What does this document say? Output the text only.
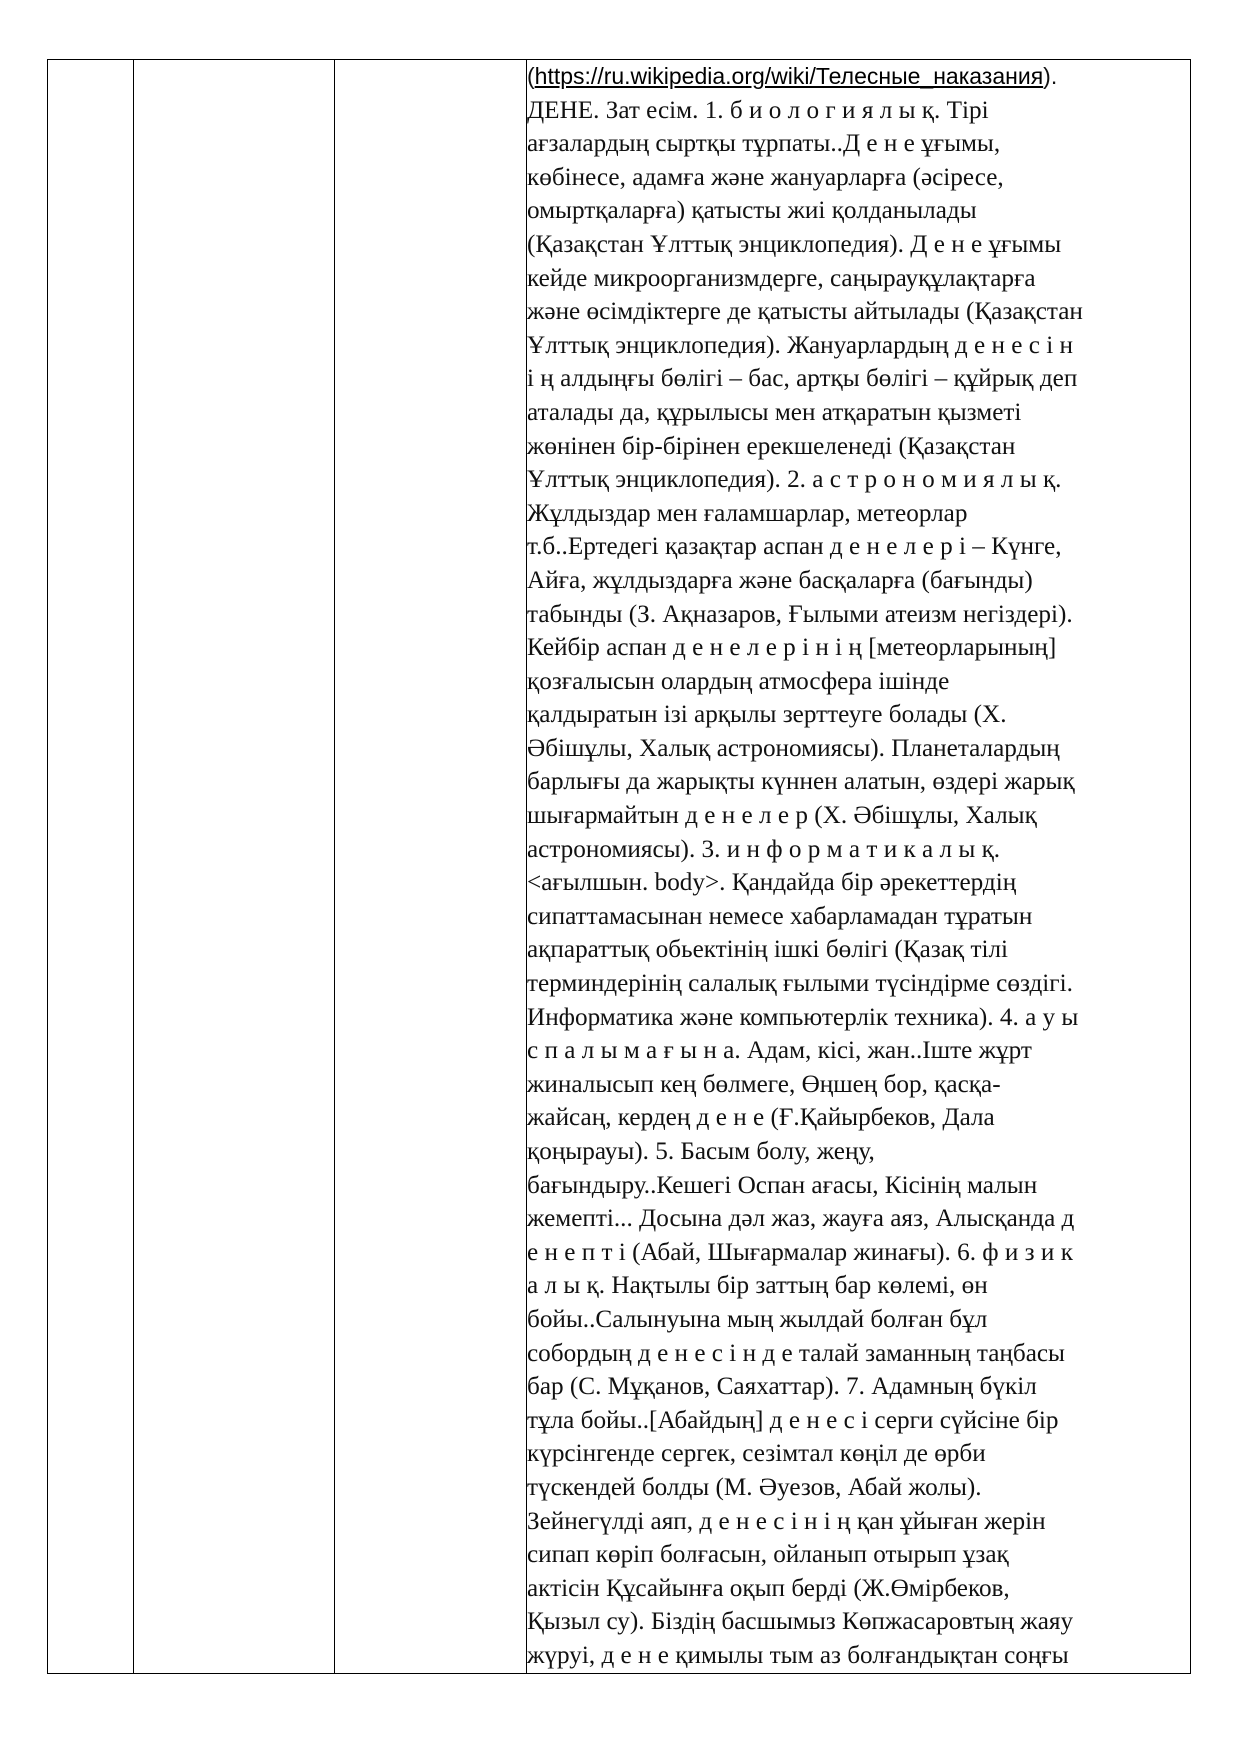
(https://ru.wikipedia.org/wiki/Телесные_наказания).
ДЕНЕ. Зат есім. 1. б и о л о г и я л ы қ. Тірі
ағзалардың сыртқы тұрпаты..Д е н е ұғымы,
көбінесе, адамға және жануарларға (әсіресе,
омыртқаларға) қатысты жиі қолданылады
(Қазақстан Ұлттық энциклопедия). Д е н е ұғымы
кейде микроорганизмдерге, саңырауқұлақтарға
және өсімдіктерге де қатысты айтылады (Қазақстан
Ұлттық энциклопедия). Жануарлардың д е н е с і н
і ң алдыңғы бөлігі – бас, артқы бөлігі – құйрық деп
аталады да, құрылысы мен атқаратын қызметі
жөнінен бір-бірінен ерекшеленеді (Қазақстан
Ұлттық энциклопедия). 2. а с т р о н о м и я л ы қ.
Жұлдыздар мен ғаламшарлар, метеорлар
т.б..Ертедегі қазақтар аспан д е н е л е р і – Күнге,
Айға, жұлдыздарға және басқаларға (бағынды)
табынды (З. Ақназаров, Ғылыми атеизм негіздері).
Кейбір аспан д е н е л е р і н і ң [метеорларының]
қозғалысын олардың атмосфера ішінде
қалдыратын ізі арқылы зерттеуге болады (Х.
Әбішұлы, Халық астрономиясы). Планеталардың
барлығы да жарықты күннен алатын, өздері жарық
шығармайтын д е н е л е р (Х. Әбішұлы, Халық
астрономиясы). 3. и н ф о р м а т и к а л ы қ.
<ағылшын. body>. Қандайда бір әрекеттердің
сипаттамасынан немесе хабарламадан тұратын
ақпараттық обьектінің ішкі бөлігі (Қазақ тілі
терминдерінің салалық ғылыми түсіндірме сөздігі.
Информатика және компьютерлік техника). 4. а у ы
с п а л ы м а ғ ы н а. Адам, кісі, жан..Іште жұрт
жиналысып кең бөлмеге, Өңшең бор, қасқа-
жайсаң, кердең д е н е (Ғ.Қайырбеков, Дала
қоңырауы). 5. Басым болу, жеңу,
бағындыру..Кешегі Оспан ағасы, Кісінің малын
жемепті... Досына дәл жаз, жауға аяз, Алысқанда д
е н е п т і (Абай, Шығармалар жинағы). 6. ф и з и к
а л ы қ. Нақтылы бір заттың бар көлемі, өн
бойы..Салынуына мың жылдай болған бұл
собордың д е н е с і н д е талай заманның таңбасы
бар (С. Мұқанов, Саяхаттар). 7. Адамның бүкіл
тұла бойы..[Абайдың] д е н е с і серги сүйсіне бір
күрсінгенде сергек, сезімтал көңіл де өрби
түскендей болды (М. Әуезов, Абай жолы).
Зейнегүлді аяп, д е н е с і н і ң қан ұйыған жерін
сипап көріп болғасын, ойланып отырып ұзақ
актісін Құсайынға оқып берді (Ж.Өмірбеков,
Қызыл су). Біздің басшымыз Көпжасаровтың жаяу
жүруі, д е н е қимылы тым аз болғандықтан соңғы
